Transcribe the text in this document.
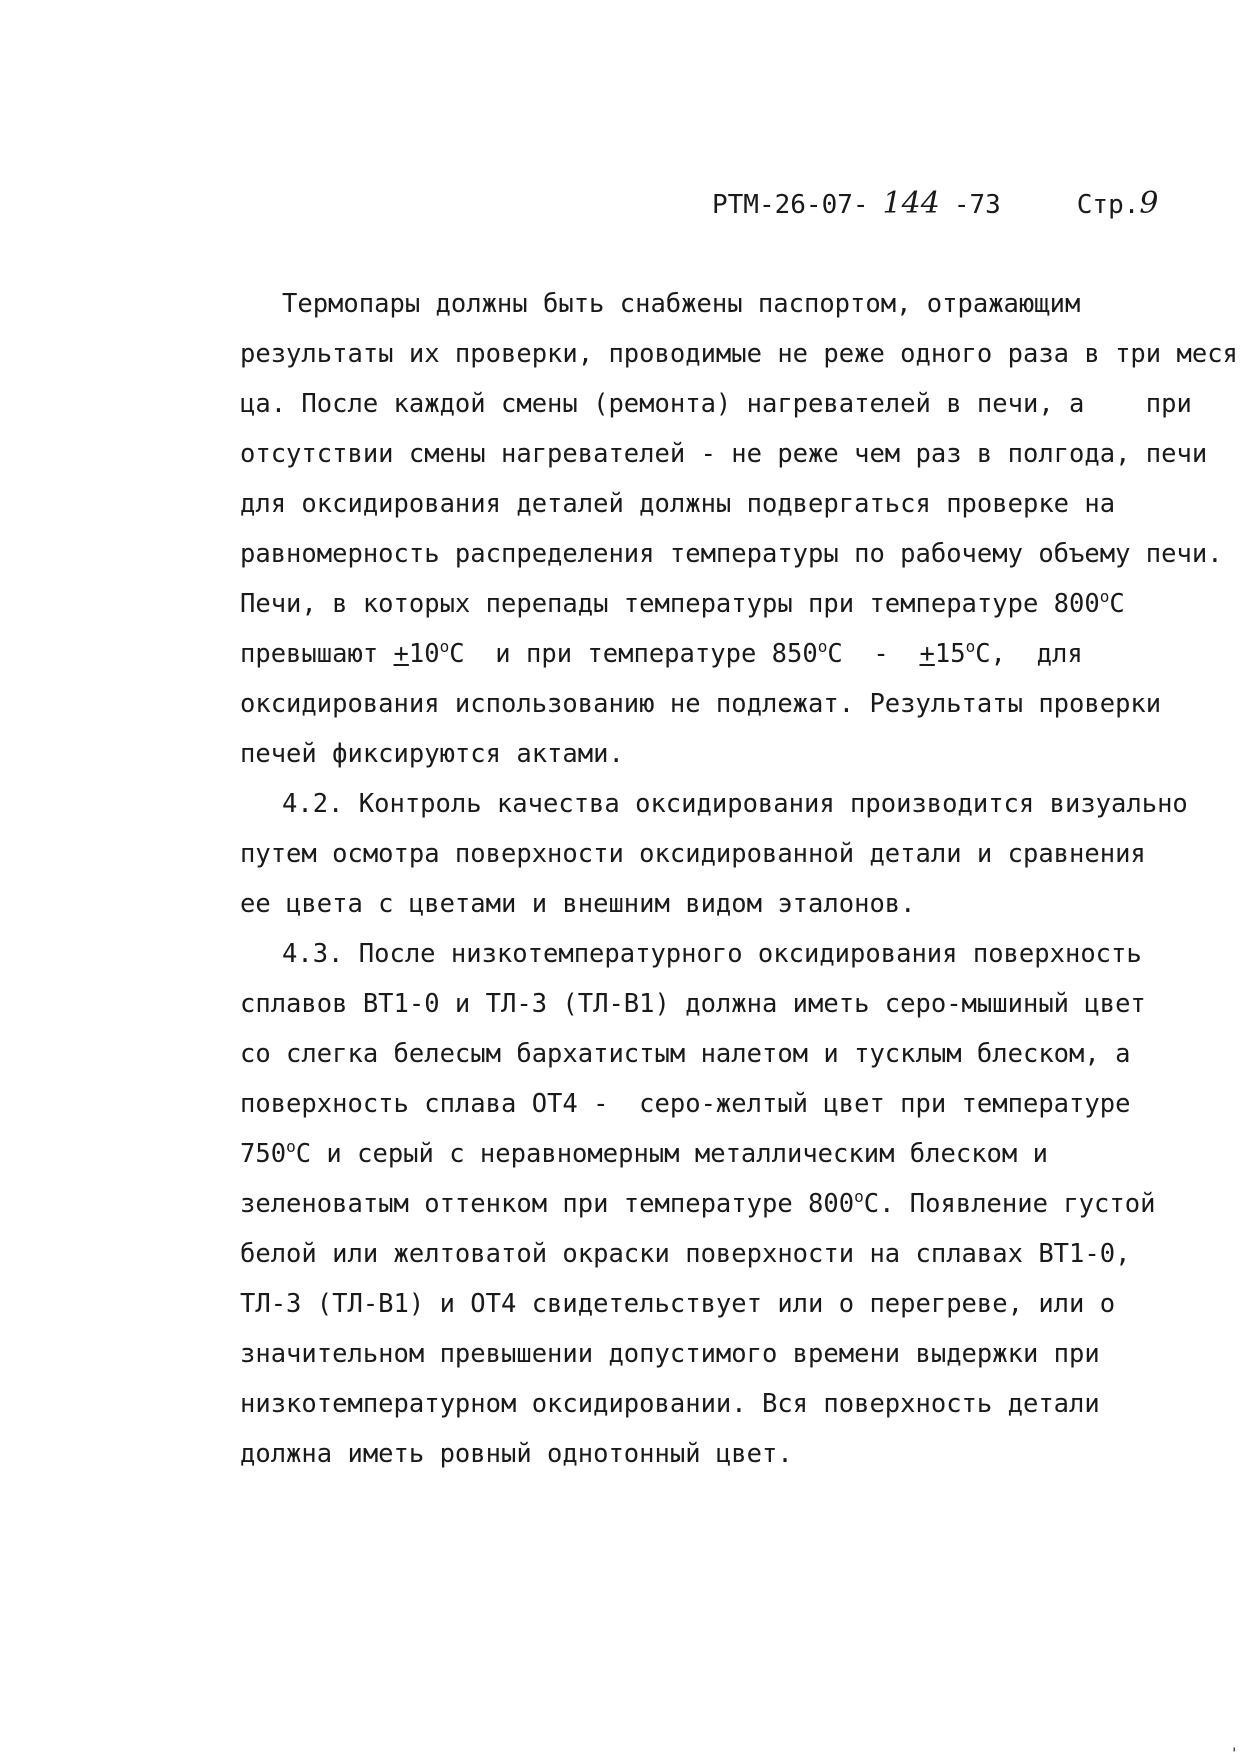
РТМ-26-07- 144 -73	Стр.9
Термопары должны быть снабжены паспортом, отражающим
результаты их проверки, проводимые не реже одного раза в три меся
ца. После каждой смены (ремонта) нагревателей в печи, а    при
отсутствии смены нагревателей - не реже чем раз в полгода, печи
для оксидирования деталей должны подвергаться проверке на
равномерность распределения температуры по рабочему объему печи.
Печи, в которых перепады температуры при температуре 800$^o$С
превышают $+10^oС$  и при температуре $850^oС - +15^oС$,  для
оксидирования использованию не подлежат. Результаты проверки
печей фиксируются актами.
4.2. Контроль качества оксидирования производится визуально
путем осмотра поверхности оксидированной детали и сравнения
ее цвета с цветами и внешним видом эталонов.
4.3. После низкотемпературного оксидирования поверхность
сплавов ВТ1-0 и ТЛ-3 (ТЛ-В1) должна иметь серо-мышиный цвет
со слегка белесым бархатистым налетом и тусклым блеском, а
поверхность сплава ОТ4 -  серо-желтый цвет при температуре
750$^o$С и серый с неравномерным металлическим блеском и
зеленоватым оттенком при температуре 800$^o$С. Появление густой
белой или желтоватой окраски поверхности на сплавах ВТ1-0,
ТЛ-3 (ТЛ-В1) и ОТ4 свидетельствует или о перегреве, или о
значительном превышении допустимого времени выдержки при
низкотемпературном оксидировании. Вся поверхность детали
должна иметь ровный однотонный цвет.
'
